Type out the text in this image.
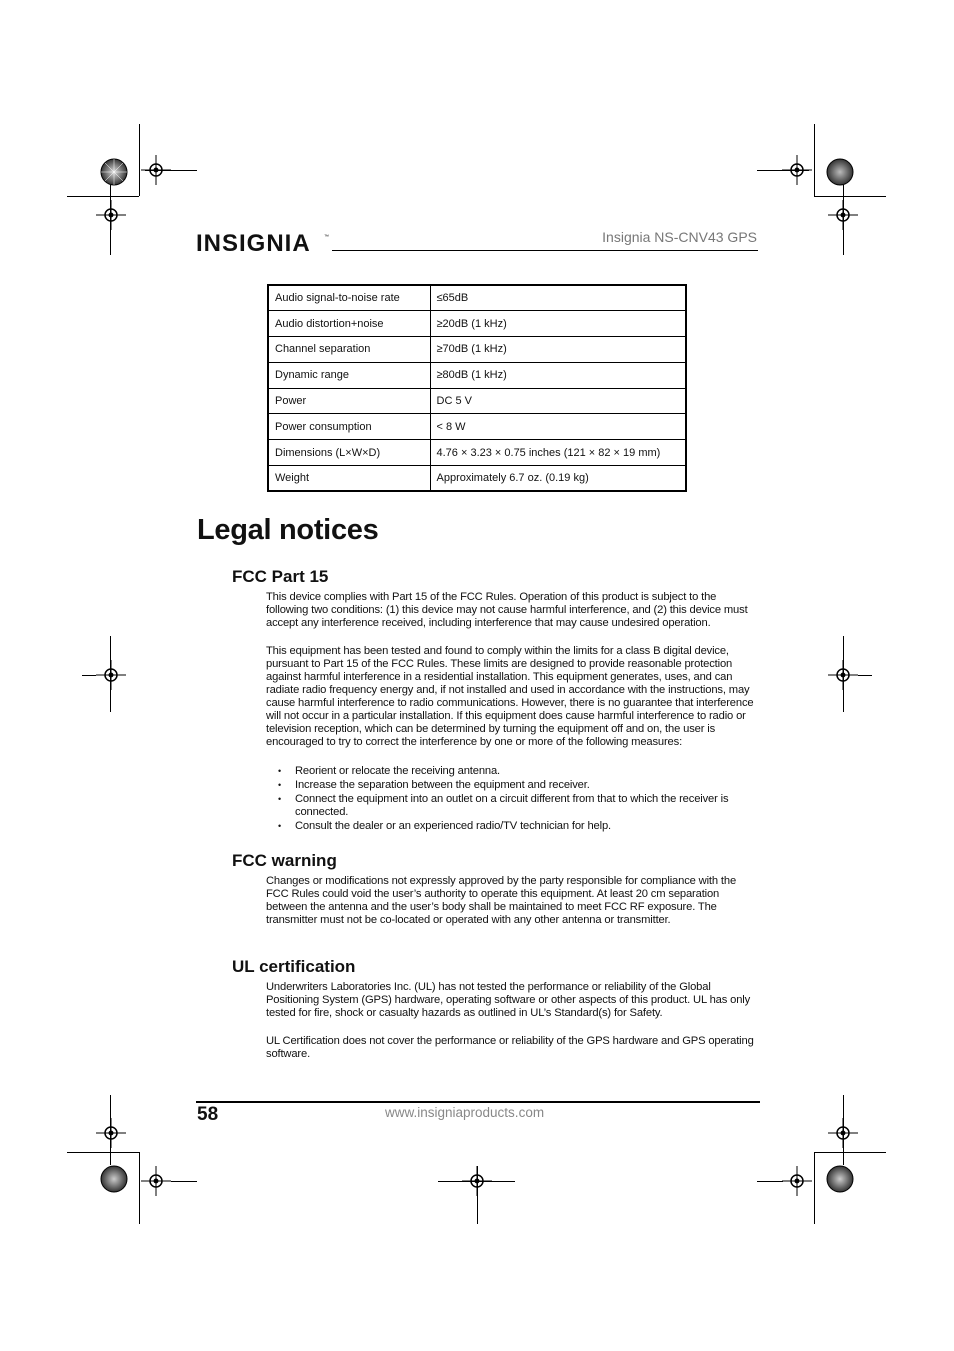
INSIGNIA	™	Insignia NS-CNV43 GPS
Audio signal-to-noise rate	≤65dB
Audio distortion+noise	≥20dB (1 kHz)
Channel separation	≥70dB (1 kHz)
Dynamic range	≥80dB (1 kHz)
Power	DC 5 V
Power consumption	< 8 W
Dimensions (L×W×D)	4.76 × 3.23 × 0.75 inches (121 × 82 × 19 mm)
Weight	Approximately 6.7 oz. (0.19 kg)
Legal notices
FCC Part 15

This device complies with Part 15 of the FCC Rules. Operation of this product is subject to the following two conditions: (1) this device may not cause harmful interference, and (2) this device must accept any interference received, including interference that may cause undesired operation.

This equipment has been tested and found to comply within the limits for a class B digital device, pursuant to Part 15 of the FCC Rules. These limits are designed to provide reasonable protection against harmful interference in a residential installation. This equipment generates, uses, and can radiate radio frequency energy and, if not installed and used in accordance with the instructions, may cause harmful interference to radio communications. However, there is no guarantee that interference will not occur in a particular installation. If this equipment does cause harmful interference to radio or television reception, which can be determined by turning the equipment off and on, the user is encouraged to try to correct the interference by one or more of the following measures:

• Reorient or relocate the receiving antenna.
• Increase the separation between the equipment and receiver.
• Connect the equipment into an outlet on a circuit different from that to which the receiver is connected.
• Consult the dealer or an experienced radio/TV technician for help.
FCC warning

Changes or modifications not expressly approved by the party responsible for compliance with the FCC Rules could void the user’s authority to operate this equipment. At least 20 cm separation between the antenna and the user’s body shall be maintained to meet FCC RF exposure. The transmitter must not be co-located or operated with any other antenna or transmitter.

UL certification

Underwriters Laboratories Inc. (UL) has not tested the performance or reliability of the Global Positioning System (GPS) hardware, operating software or other aspects of this product. UL has only tested for fire, shock or casualty hazards as outlined in UL’s Standard(s) for Safety.

UL Certification does not cover the performance or reliability of the GPS hardware and GPS operating software.

58	www.insigniaproducts.com
